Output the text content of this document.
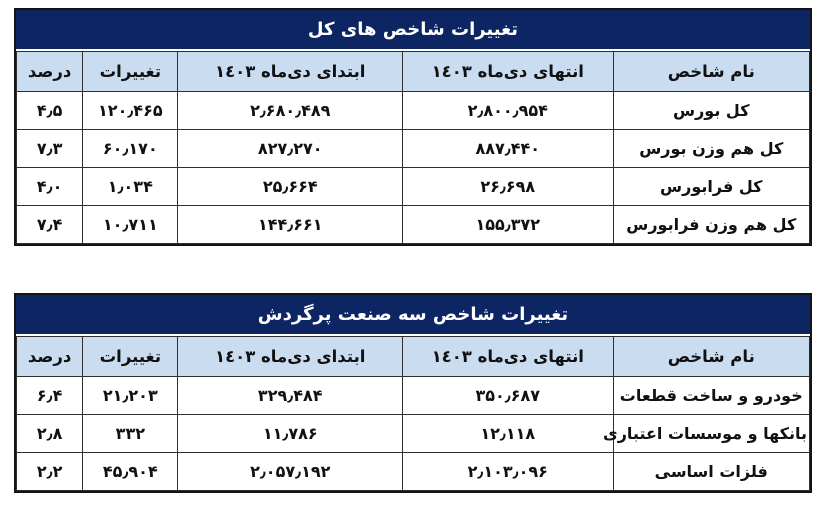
تغییرات شاخص های کل
نام شاخص	انتهای دی‌ماه ١٤٠٣	ابتدای دی‌ماه ١٤٠٣	تغییرات	درصد
کل بورس	۲٫۸۰۰٫۹۵۴	۲٫۶۸۰٫۴۸۹	۱۲۰٫۴۶۵	۴٫۵
کل هم وزن بورس	۸۸۷٫۴۴۰	۸۲۷٫۲۷۰	۶۰٫۱۷۰	۷٫۳
کل فرابورس	۲۶٫۶۹۸	۲۵٫۶۶۴	۱٫۰۳۴	۴٫۰
کل هم وزن فرابورس	۱۵۵٫۳۷۲	۱۴۴٫۶۶۱	۱۰٫۷۱۱	۷٫۴
تغییرات شاخص سه صنعت پرگردش
نام شاخص	انتهای دی‌ماه ١٤٠٣	ابتدای دی‌ماه ١٤٠٣	تغییرات	درصد
خودرو و ساخت قطعات	۳۵۰٫۶۸۷	۳۲۹٫۴۸۴	۲۱٫۲۰۳	۶٫۴
بانکها و موسسات اعتباری	۱۲٫۱۱۸	۱۱٫۷۸۶	۳۳۲	۲٫۸
فلزات اساسی	۲٫۱۰۳٫۰۹۶	۲٫۰۵۷٫۱۹۲	۴۵٫۹۰۴	۲٫۲
